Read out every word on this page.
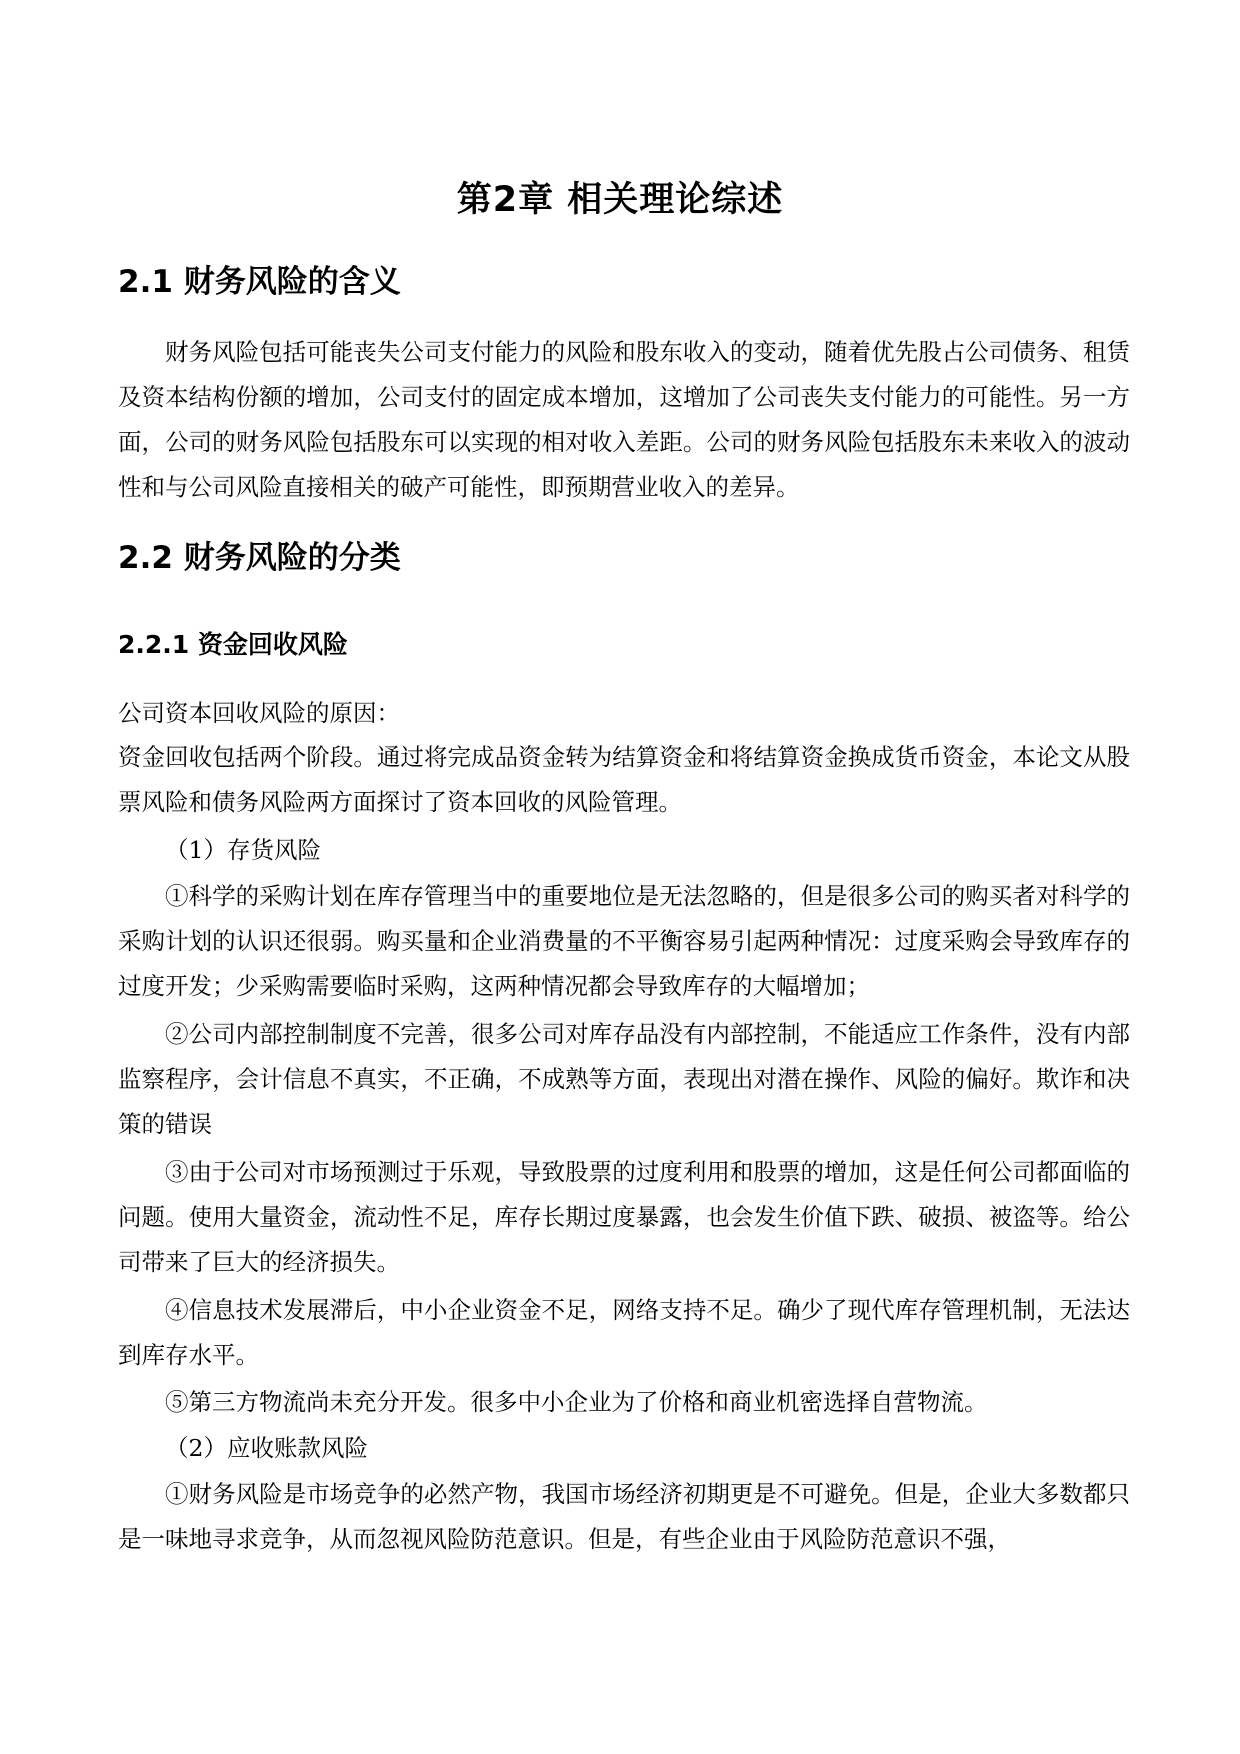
第2章 相关理论综述
2.1 财务风险的含义

财务风险包括可能丧失公司支付能力的风险和股东收入的变动，随着优先股占公司债务、租赁及资本结构份额的增加，公司支付的固定成本增加，这增加了公司丧失支付能力的可能性。另一方面，公司的财务风险包括股东可以实现的相对收入差距。公司的财务风险包括股东未来收入的波动性和与公司风险直接相关的破产可能性，即预期营业收入的差异。

2.2 财务风险的分类
2.2.1 资金回收风险

公司资本回收风险的原因：

资金回收包括两个阶段。通过将完成品资金转为结算资金和将结算资金换成货币资金，本论文从股票风险和债务风险两方面探讨了资本回收的风险管理。

（1）存货风险

①科学的采购计划在库存管理当中的重要地位是无法忽略的，但是很多公司的购买者对科学的采购计划的认识还很弱。购买量和企业消费量的不平衡容易引起两种情况：过度采购会导致库存的过度开发；少采购需要临时采购，这两种情况都会导致库存的大幅增加；

②公司内部控制制度不完善，很多公司对库存品没有内部控制，不能适应工作条件，没有内部监察程序，会计信息不真实，不正确，不成熟等方面，表现出对潜在操作、风险的偏好。欺诈和决策的错误

③由于公司对市场预测过于乐观，导致股票的过度利用和股票的增加，这是任何公司都面临的问题。使用大量资金，流动性不足，库存长期过度暴露，也会发生价值下跌、破损、被盗等。给公司带来了巨大的经济损失。

④信息技术发展滞后，中小企业资金不足，网络支持不足。确少了现代库存管理机制，无法达到库存水平。

⑤第三方物流尚未充分开发。很多中小企业为了价格和商业机密选择自营物流。

（2）应收账款风险

①财务风险是市场竞争的必然产物，我国市场经济初期更是不可避免。但是，企业大多数都只是一味地寻求竞争，从而忽视风险防范意识。但是，有些企业由于风险防范意识不强，
